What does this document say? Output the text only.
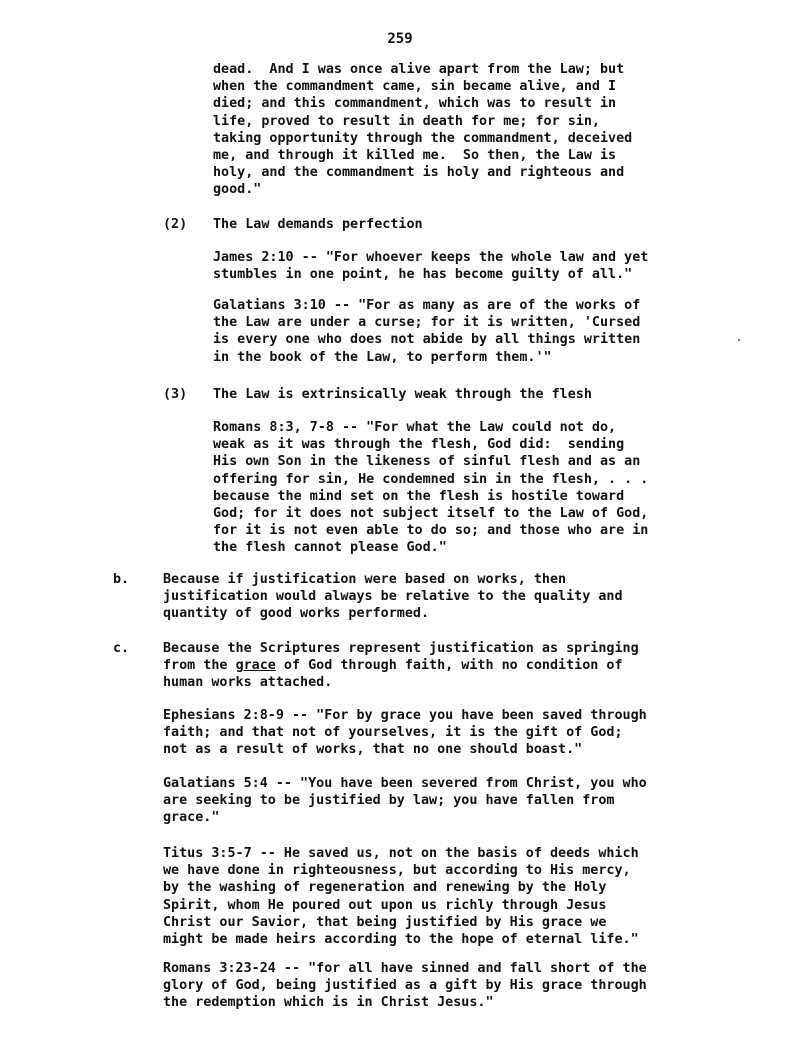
259
dead.  And I was once alive apart from the Law; but
when the commandment came, sin became alive, and I
died; and this commandment, which was to result in
life, proved to result in death for me; for sin,
taking opportunity through the commandment, deceived
me, and through it killed me.  So then, the Law is
holy, and the commandment is holy and righteous and
good."
(2) The Law demands perfection
James 2:10 -- "For whoever keeps the whole law and yet
stumbles in one point, he has become guilty of all."
Galatians 3:10 -- "For as many as are of the works of
the Law are under a curse; for it is written, 'Cursed
is every one who does not abide by all things written
in the book of the Law, to perform them.'"
(3) The Law is extrinsically weak through the flesh
Romans 8:3, 7-8 -- "For what the Law could not do,
weak as it was through the flesh, God did:  sending
His own Son in the likeness of sinful flesh and as an
offering for sin, He condemned sin in the flesh, . . .
because the mind set on the flesh is hostile toward
God; for it does not subject itself to the Law of God,
for it is not even able to do so; and those who are in
the flesh cannot please God."
b.	Because if justification were based on works, then
justification would always be relative to the quality and
quantity of good works performed.
c.	Because the Scriptures represent justification as springing
from the grace of God through faith, with no condition of
human works attached.
Ephesians 2:8-9 -- "For by grace you have been saved through
faith; and that not of yourselves, it is the gift of God;
not as a result of works, that no one should boast."
Galatians 5:4 -- "You have been severed from Christ, you who
are seeking to be justified by law; you have fallen from
grace."
Titus 3:5-7 -- He saved us, not on the basis of deeds which
we have done in righteousness, but according to His mercy,
by the washing of regeneration and renewing by the Holy
Spirit, whom He poured out upon us richly through Jesus
Christ our Savior, that being justified by His grace we
might be made heirs according to the hope of eternal life."
Romans 3:23-24 -- "for all have sinned and fall short of the
glory of God, being justified as a gift by His grace through
the redemption which is in Christ Jesus."
